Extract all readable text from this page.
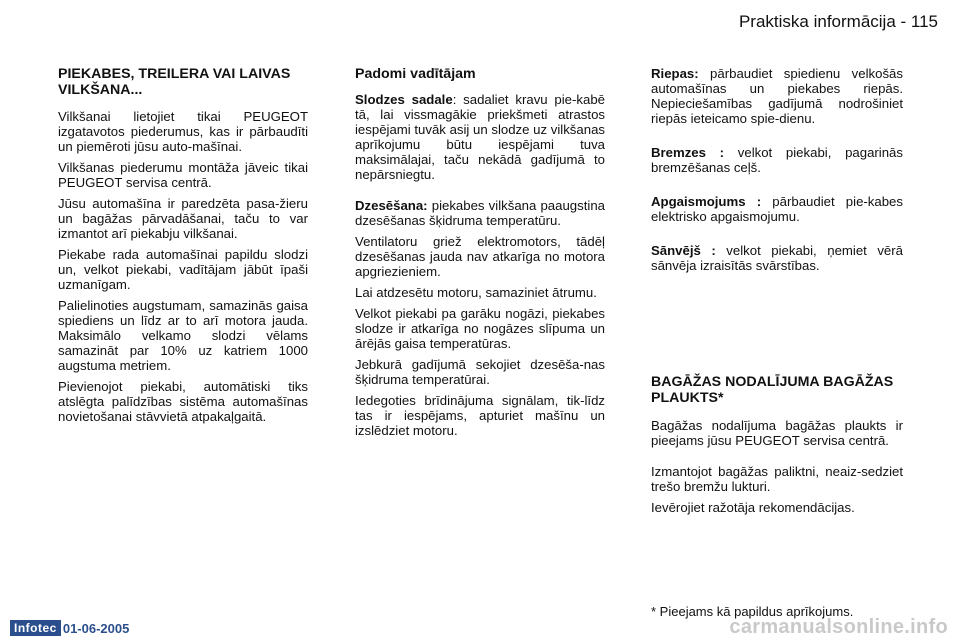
Praktiska informācija - 115
PIEKABES, TREILERA VAI LAIVAS VILKŠANA...

Vilkšanai lietojiet tikai PEUGEOT izgatavotos piederumus, kas ir pārbaudīti un piemēroti jūsu auto-mašīnai.

Vilkšanas piederumu montāža jāveic tikai PEUGEOT servisa centrā.

Jūsu automašīna ir paredzēta pasa-žieru un bagāžas pārvadāšanai, taču to var izmantot arī piekabju vilkšanai.

Piekabe rada automašīnai papildu slodzi un, velkot piekabi, vadītājam jābūt īpaši uzmanīgam.

Palielinoties augstumam, samazinās gaisa spiediens un līdz ar to arī motora jauda. Maksimālo velkamo slodzi vēlams samazināt par 10% uz katriem 1000 augstuma metriem.

Pievienojot piekabi, automātiski tiks atslēgta palīdzības sistēma automašīnas novietošanai stāvvietā atpakaļgaitā.

Padomi vadītājam

Slodzes sadale: sadaliet kravu pie-kabē tā, lai vissmagākie priekšmeti atrastos iespējami tuvāk asij un slodze uz vilkšanas aprīkojumu būtu iespējami tuva maksimālajai, taču nekādā gadījumā to nepārsniegtu.

Dzesēšana: piekabes vilkšana paaugstina dzesēšanas šķidruma temperatūru.

Ventilatoru griež elektromotors, tādēļ dzesēšanas jauda nav atkarīga no motora apgriezieniem.

Lai atdzesētu motoru, samaziniet ātrumu.

Velkot piekabi pa garāku nogāzi, piekabes slodze ir atkarīga no nogāzes slīpuma un ārējās gaisa temperatūras.

Jebkurā gadījumā sekojiet dzesēša-nas šķidruma temperatūrai.

Iedegoties brīdinājuma signālam, tik-līdz tas ir iespējams, apturiet mašīnu un izslēdziet motoru.

Riepas: pārbaudiet spiedienu velkošās automašīnas un piekabes riepās. Nepieciešamības gadījumā nodrošiniet riepās ieteicamo spie-dienu.

Bremzes : velkot piekabi, pagarinās bremzēšanas ceļš.

Apgaismojums : pārbaudiet pie-kabes elektrisko apgaismojumu.

Sānvējš : velkot piekabi, ņemiet vērā sānvēja izraisītās svārstības.

BAGĀŽAS NODALĪJUMA BAGĀŽAS PLAUKTS*

Bagāžas nodalījuma bagāžas plaukts ir pieejams jūsu PEUGEOT servisa centrā.

Izmantojot bagāžas paliktni, neaiz-sedziet trešo bremžu lukturi.

Ievērojiet ražotāja rekomendācijas.

* Pieejams kā papildus aprīkojums.
Infotec 01-06-2005	carmanualsonline.info
